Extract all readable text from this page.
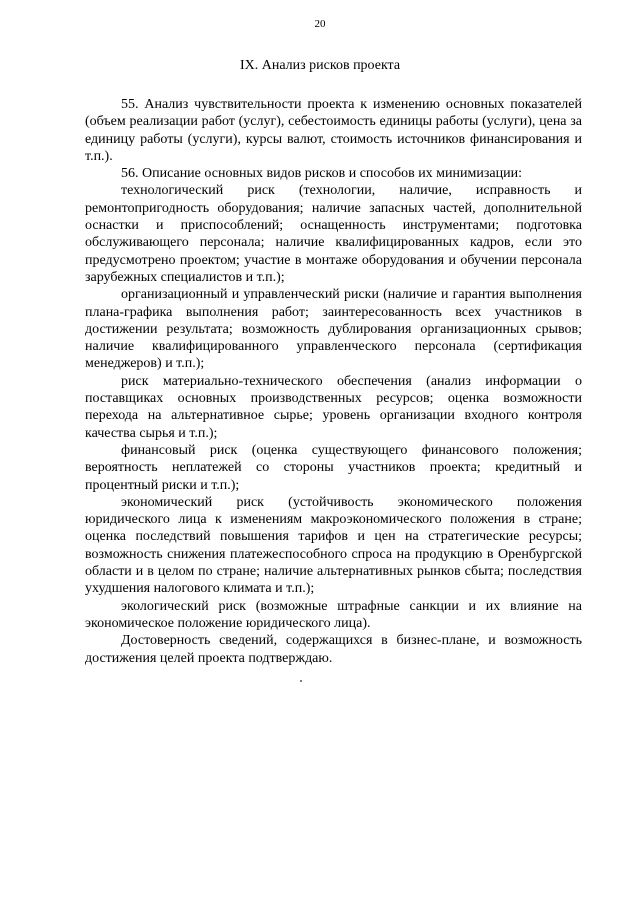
20
IX. Анализ рисков проекта

55. Анализ чувствительности проекта к изменению основных показателей (объем реализации работ (услуг), себестоимость единицы работы (услуги), цена за единицу работы (услуги), курсы валют, стоимость источников финансирования и т.п.).

56. Описание основных видов рисков и способов их минимизации:

технологический риск (технологии, наличие, исправность и ремонтопригодность оборудования; наличие запасных частей, дополнительной оснастки и приспособлений; оснащенность инструментами; подготовка обслуживающего персонала; наличие квалифицированных кадров, если это предусмотрено проектом; участие в монтаже оборудования и обучении персонала зарубежных специалистов и т.п.);

организационный и управленческий риски (наличие и гарантия выполнения плана-графика выполнения работ; заинтересованность всех участников в достижении результата; возможность дублирования организационных срывов; наличие квалифицированного управленческого персонала (сертификация менеджеров) и т.п.);

риск материально-технического обеспечения (анализ информации о поставщиках основных производственных ресурсов; оценка возможности перехода на альтернативное сырье; уровень организации входного контроля качества сырья и т.п.);

финансовый риск (оценка существующего финансового положения; вероятность неплатежей со стороны участников проекта; кредитный и процентный риски и т.п.);

экономический риск (устойчивость экономического положения юридического лица к изменениям макроэкономического положения в стране; оценка последствий повышения тарифов и цен на стратегические ресурсы; возможность снижения платежеспособного спроса на продукцию в Оренбургской области и в целом по стране; наличие альтернативных рынков сбыта; последствия ухудшения налогового климата и т.п.);

экологический риск (возможные штрафные санкции и их влияние на экономическое положение юридического лица).

Достоверность сведений, содержащихся в бизнес-плане, и возможность достижения целей проекта подтверждаю.
